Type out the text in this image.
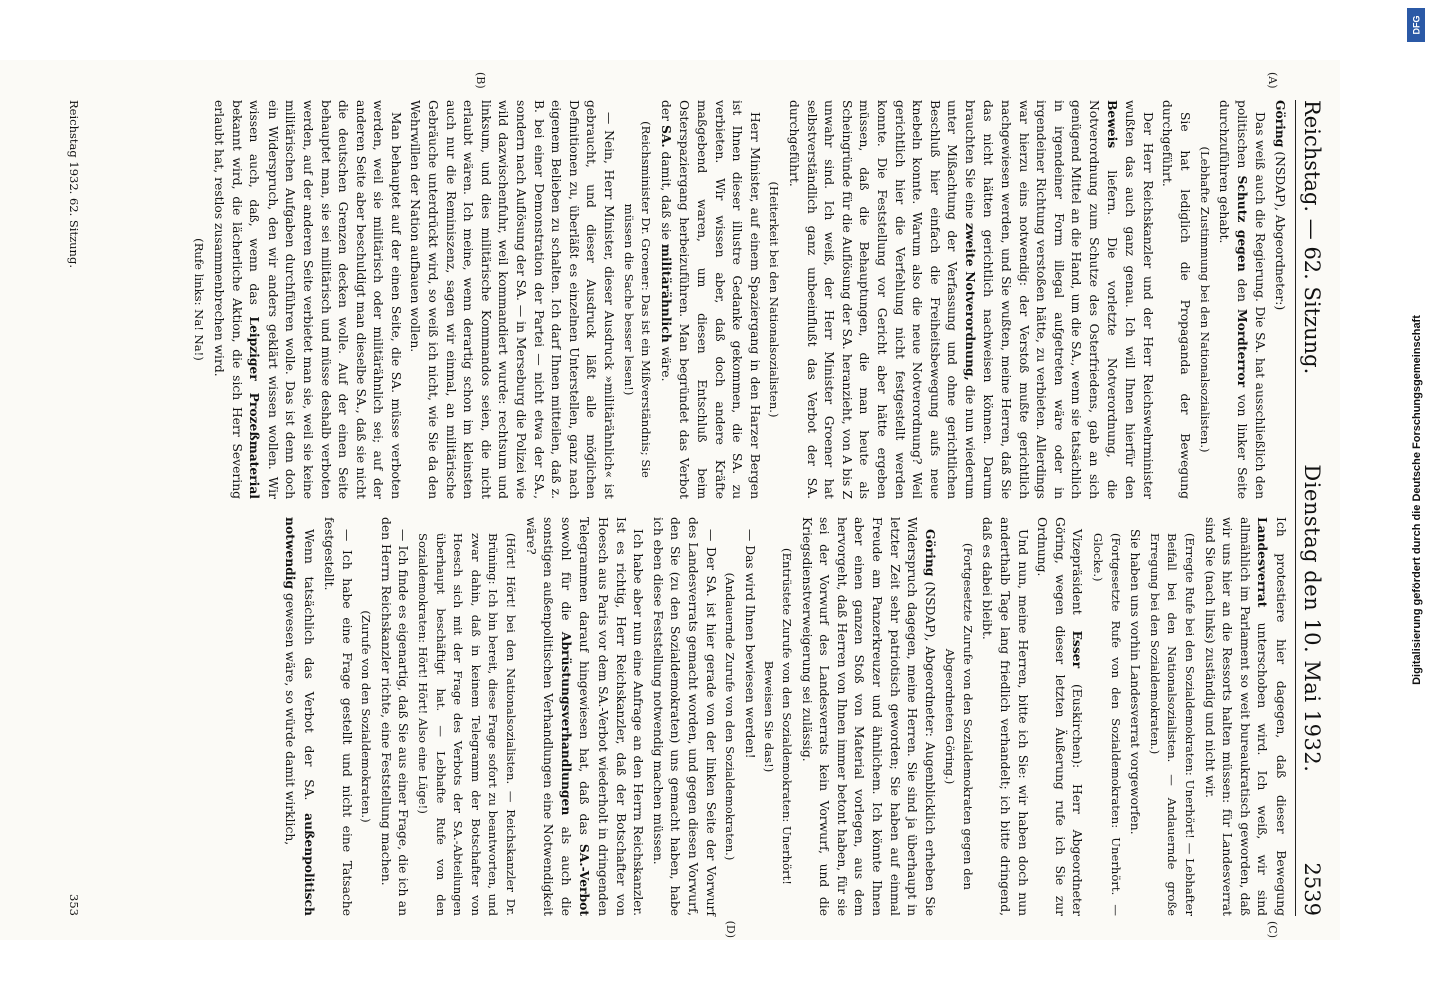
Reichstag. — 62. Sitzung.
Dienstag den 10. Mai 1932.
2539
(A)
(B)

Göring (NSDAP), Abgeordneter:)

Das weiß auch die Regierung. Die SA. hat ausschließlich den politischen Schutz gegen den Mordterror von linker Seite durchzuführen gehabt.

(Lebhafte Zustimmung bei den Nationalsozialisten.)

Sie hat lediglich die Propaganda der Bewegung durchgeführt.

Der Herr Reichskanzler und der Herr Reichswehrminister wußten das auch ganz genau. Ich will Ihnen hierfür den Beweis liefern. Die vorletzte Notverordnung, die Notverordnung zum Schutze des Osterfriedens, gab an sich genügend Mittel an die Hand, um die SA., wenn sie tatsächlich in irgendeiner Form illegal aufgetreten wäre oder in irgendeiner Richtung verstoßen hätte, zu verbieten. Allerdings war hierzu eins notwendig: der Verstoß mußte gerichtlich nachgewiesen werden, und Sie wußten, meine Herren, daß Sie das nicht hätten gerichtlich nachweisen können. Darum brauchten Sie eine zweite Notverordnung, die nun wiederum unter Mißachtung der Verfassung und ohne gerichtlichen Beschluß hier einfach die Freiheitsbewegung aufs neue knebeln konnte. Warum also die neue Notverordnung? Weil gerichtlich hier die Verfehlung nicht festgestellt werden konnte. Die Feststellung vor Gericht aber hätte ergeben müssen, daß die Behauptungen, die man heute als Scheingründe für die Auflösung der SA. heranzieht, von A bis Z unwahr sind. Ich weiß, der Herr Minister Groener hat selbstverständlich ganz unbeeinflußt das Verbot der SA. durchgeführt.

(Heiterkeit bei den Nationalsozialisten.)

Herr Minister, auf einem Spaziergang in den Harzer Bergen ist Ihnen dieser illustre Gedanke gekommen, die SA. zu verbieten. Wir wissen aber, daß doch andere Kräfte maßgebend waren, um diesen Entschluß beim Osterspaziergang herbeizuführen. Man begründet das Verbot der SA. damit, daß sie militärähnlich wäre.

(Reichsminister Dr. Groener: Das ist ein Mißverständnis; Sie müssen die Sache besser lesen!)

— Nein, Herr Minister, dieser Ausdruck »militärähnlich« ist gebraucht, und dieser Ausdruck läßt alle möglichen Definitionen zu, überläßt es einzelnen Unterstellen, ganz nach eigenem Belieben zu schalten. Ich darf Ihnen mitteilen, daß z. B. bei einer Demonstration der Partei — nicht etwa der SA., sondern nach Auflösung der SA. — in Merseburg die Polizei wie wild dazwischenfuhr, weil kommandiert wurde: rechtsum und linksum, und dies militärische Kommandos seien, die nicht erlaubt wären. Ich meine, wenn derartig schon im kleinsten auch nur die Reminiszenz, sagen wir einmal, an militärische Gebräuche unterdrückt wird, so weiß ich nicht, wie Sie da den Wehrwillen der Nation aufbauen wollen.

Man behauptet auf der einen Seite, die SA. müsse verboten werden, weil sie militärisch oder militärähnlich sei; auf der anderen Seite aber beschuldigt man dieselbe SA., daß sie nicht die deutschen Grenzen decken wolle. Auf der einen Seite behauptet man, sie sei militärisch und müsse deshalb verboten werden, auf der anderen Seite verbietet man sie, weil sie keine militärischen Aufgaben durchführen wolle. Das ist denn doch ein Widerspruch, den wir anders geklärt wissen wollen. Wir wissen auch, daß, wenn das Leipziger Prozeßmaterial bekannt wird, die lächerliche Aktion, die sich Herr Severing erlaubt hat, restlos zusammenbrechen wird.

(Rufe links: Na! Na!)

(C)
(D)

Ich protestiere hier dagegen, daß dieser Bewegung Landesverrat unterschoben wird. Ich weiß, wir sind allmählich im Parlament so weit bureaukratisch geworden, daß wir uns hier an die Ressorts halten müssen: für Landesverrat sind Sie (nach links) zuständig und nicht wir.

(Erregte Rufe bei den Sozialdemokraten: Unerhört! — Lebhafter Beifall bei den Nationalsozialisten. — Andauernde große Erregung bei den Sozialdemokraten.)

Sie haben uns vorhin Landesverrat vorgeworfen.

(Fortgesetzte Rufe von den Sozialdemokraten: Unerhört. — Glocke.)

Vizepräsident Esser (Euskirchen): Herr Abgeordneter Göring, wegen dieser letzten Äußerung rufe ich Sie zur Ordnung.

Und nun, meine Herren, bitte ich Sie: wir haben doch nun anderthalb Tage lang friedlich verhandelt; ich bitte dringend, daß es dabei bleibt.

(Fortgesetzte Zurufe von den Sozialdemokraten gegen den Abgeordneten Göring.)

Göring (NSDAP), Abgeordneter: Augenblicklich erheben Sie Widerspruch dagegen, meine Herren. Sie sind ja überhaupt in letzter Zeit sehr patriotisch geworden; Sie haben auf einmal Freude am Panzerkreuzer und ähnlichem. Ich könnte Ihnen aber einen ganzen Stoß von Material vorlegen, aus dem hervorgeht, daß Herren von Ihnen immer betont haben, für sie sei der Vorwurf des Landesverrats kein Vorwurf, und die Kriegsdienstverweigerung sei zulässig.

(Entrüstete Zurufe von den Sozialdemokraten: Unerhört! Beweisen Sie das!)

— Das wird Ihnen bewiesen werden!

(Andauernde Zurufe von den Sozialdemokraten.)

— Der SA. ist hier gerade von der linken Seite der Vorwurf des Landesverrats gemacht worden, und gegen diesen Vorwurf, den Sie (zu den Sozialdemokraten) uns gemacht haben, habe ich eben diese Feststellung notwendig machen müssen.

Ich habe aber nun eine Anfrage an den Herrn Reichskanzler. Ist es richtig, Herr Reichskanzler, daß der Botschafter von Hoesch aus Paris vor dem SA.-Verbot wiederholt in dringenden Telegrammen darauf hingewiesen hat, daß das SA.-Verbot sowohl für die Abrüstungsverhandlungen als auch die sonstigen außenpolitischen Verhandlungen eine Notwendigkeit wäre?

(Hört! Hört! bei den Nationalsozialisten. — Reichskanzler Dr. Brüning: Ich bin bereit, diese Frage sofort zu beantworten, und zwar dahin, daß in keinem Telegramm der Botschafter von Hoesch sich mit der Frage des Verbots der SA.-Abteilungen überhaupt beschäftigt hat. — Lebhafte Rufe von den Sozialdemokraten: Hört! Hört! Also eine Lüge!)

— Ich finde es eigenartig, daß Sie aus einer Frage, die ich an den Herrn Reichskanzler richte, eine Feststellung machen.

(Zurufe von den Sozialdemokraten.)

— Ich habe eine Frage gestellt und nicht eine Tatsache festgestellt.

Wenn tatsächlich das Verbot der SA. außenpolitisch notwendig gewesen wäre, so würde damit wirklich,

Reichstag 1932. 62. Sitzung.
353
DFG
Digitalisierung gefördert durch die Deutsche Forschungsgemeinschaft
